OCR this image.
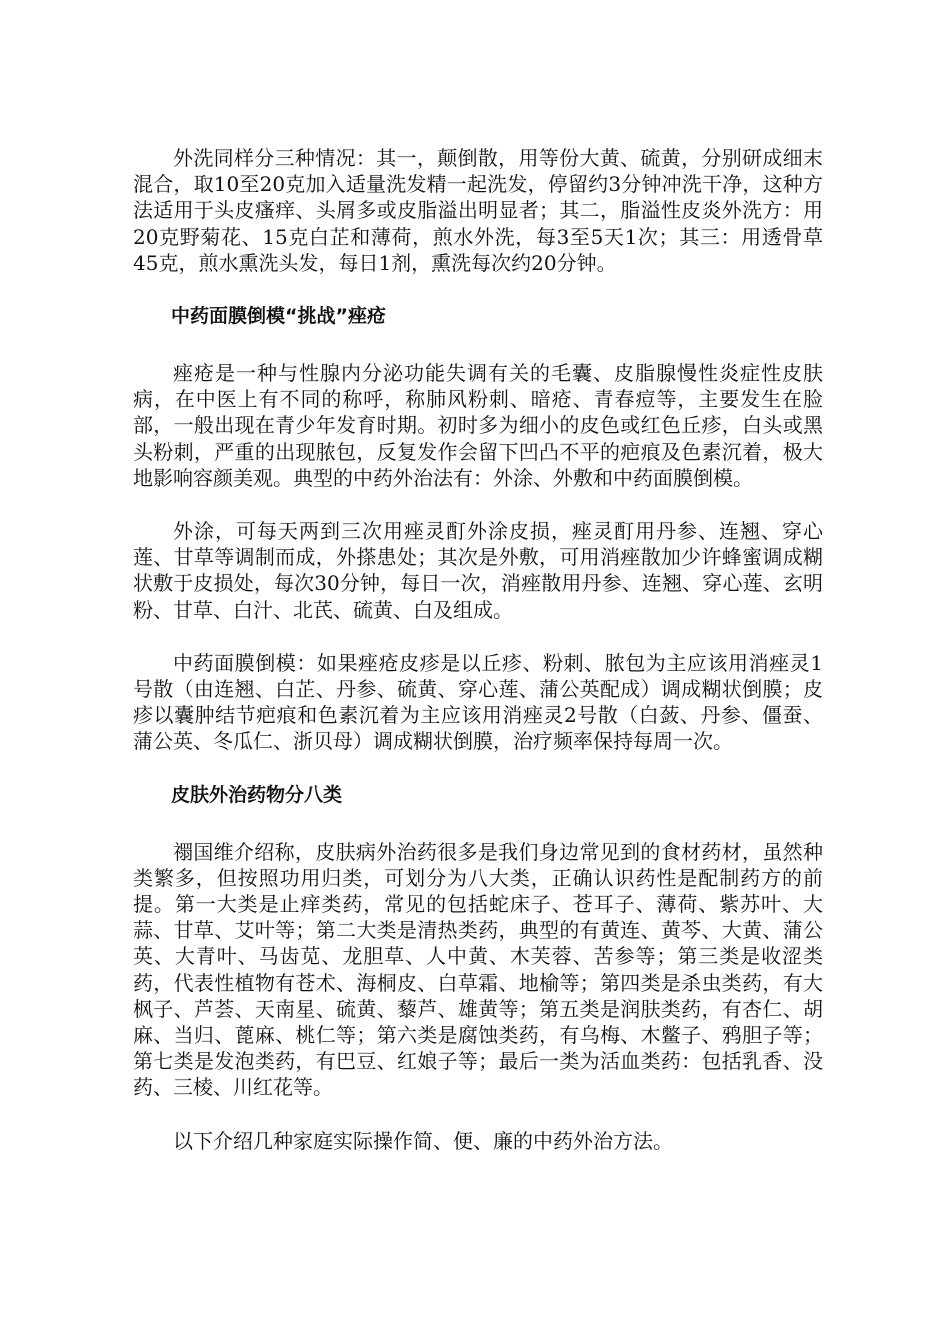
外洗同样分三种情况：其一，颠倒散，用等份大黄、硫黄，分别研成细末混合，取10至20克加入适量洗发精一起洗发，停留约3分钟冲洗干净，这种方法适用于头皮瘙痒、头屑多或皮脂溢出明显者；其二，脂溢性皮炎外洗方：用20克野菊花、15克白芷和薄荷，煎水外洗，每3至5天1次；其三：用透骨草45克，煎水熏洗头发，每日1剂，熏洗每次约20分钟。

中药面膜倒模“挑战”痤疮

痤疮是一种与性腺内分泌功能失调有关的毛囊、皮脂腺慢性炎症性皮肤病，在中医上有不同的称呼，称肺风粉刺、暗疮、青春痘等，主要发生在脸部，一般出现在青少年发育时期。初时多为细小的皮色或红色丘疹，白头或黑头粉刺，严重的出现脓包，反复发作会留下凹凸不平的疤痕及色素沉着，极大地影响容颜美观。典型的中药外治法有：外涂、外敷和中药面膜倒模。

外涂，可每天两到三次用痤灵酊外涂皮损，痤灵酊用丹参、连翘、穿心莲、甘草等调制而成，外搽患处；其次是外敷，可用消痤散加少许蜂蜜调成糊状敷于皮损处，每次30分钟，每日一次，消痤散用丹参、连翘、穿心莲、玄明粉、甘草、白汁、北芪、硫黄、白及组成。

中药面膜倒模：如果痤疮皮疹是以丘疹、粉刺、脓包为主应该用消痤灵1号散（由连翘、白芷、丹参、硫黄、穿心莲、蒲公英配成）调成糊状倒膜；皮疹以囊肿结节疤痕和色素沉着为主应该用消痤灵2号散（白蔹、丹参、僵蚕、蒲公英、冬瓜仁、浙贝母）调成糊状倒膜，治疗频率保持每周一次。

皮肤外治药物分八类

禤国维介绍称，皮肤病外治药很多是我们身边常见到的食材药材，虽然种类繁多，但按照功用归类，可划分为八大类，正确认识药性是配制药方的前提。第一大类是止痒类药，常见的包括蛇床子、苍耳子、薄荷、紫苏叶、大蒜、甘草、艾叶等；第二大类是清热类药，典型的有黄连、黄芩、大黄、蒲公英、大青叶、马齿苋、龙胆草、人中黄、木芙蓉、苦参等；第三类是收涩类药，代表性植物有苍术、海桐皮、白草霜、地榆等；第四类是杀虫类药，有大枫子、芦荟、天南星、硫黄、藜芦、雄黄等；第五类是润肤类药，有杏仁、胡麻、当归、蓖麻、桃仁等；第六类是腐蚀类药，有乌梅、木鳖子、鸦胆子等；第七类是发泡类药，有巴豆、红娘子等；最后一类为活血类药：包括乳香、没药、三棱、川红花等。

以下介绍几种家庭实际操作简、便、廉的中药外治方法。
